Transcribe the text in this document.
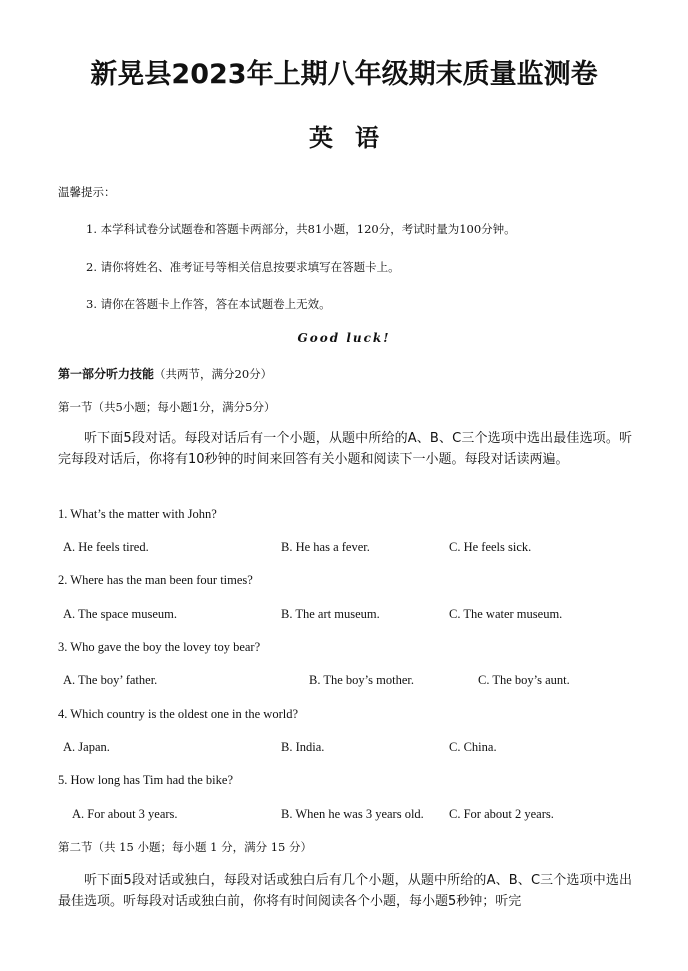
新晃县2023年上期八年级期末质量监测卷
英语
温馨提示：
1. 本学科试卷分试题卷和答题卡两部分，共81小题，120分，考试时量为100分钟。
2. 请你将姓名、准考证号等相关信息按要求填写在答题卡上。
3. 请你在答题卡上作答，答在本试题卷上无效。
Good luck!
第一部分听力技能（共两节，满分20分）
第一节（共5小题；每小题1分，满分5分）

听下面5段对话。每段对话后有一个小题，从题中所给的A、B、C三个选项中选出最佳选项。听完每段对话后，你将有10秒钟的时间来回答有关小题和阅读下一小题。每段对话读两遍。

1. What’s the matter with John?
A. He feels tired.	B. He has a fever.	C. He feels sick.
2. Where has the man been four times?
A. The space museum.	B. The art museum.	C. The water museum.
3. Who gave the boy the lovey toy bear?
A. The boy’ father.	B. The boy’s mother.	C. The boy’s aunt.
4. Which country is the oldest one in the world?
A. Japan.	B. India.	C. China.
5. How long has Tim had the bike?
A. For about 3 years.	B. When he was 3 years old. C. For about 2 years.
第二节（共 15 小题；每小题 1 分，满分 15 分）

听下面5段对话或独白，每段对话或独白后有几个小题，从题中所给的A、B、C三个选项中选出最佳选项。听每段对话或独白前，你将有时间阅读各个小题，每小题5秒钟；听完
